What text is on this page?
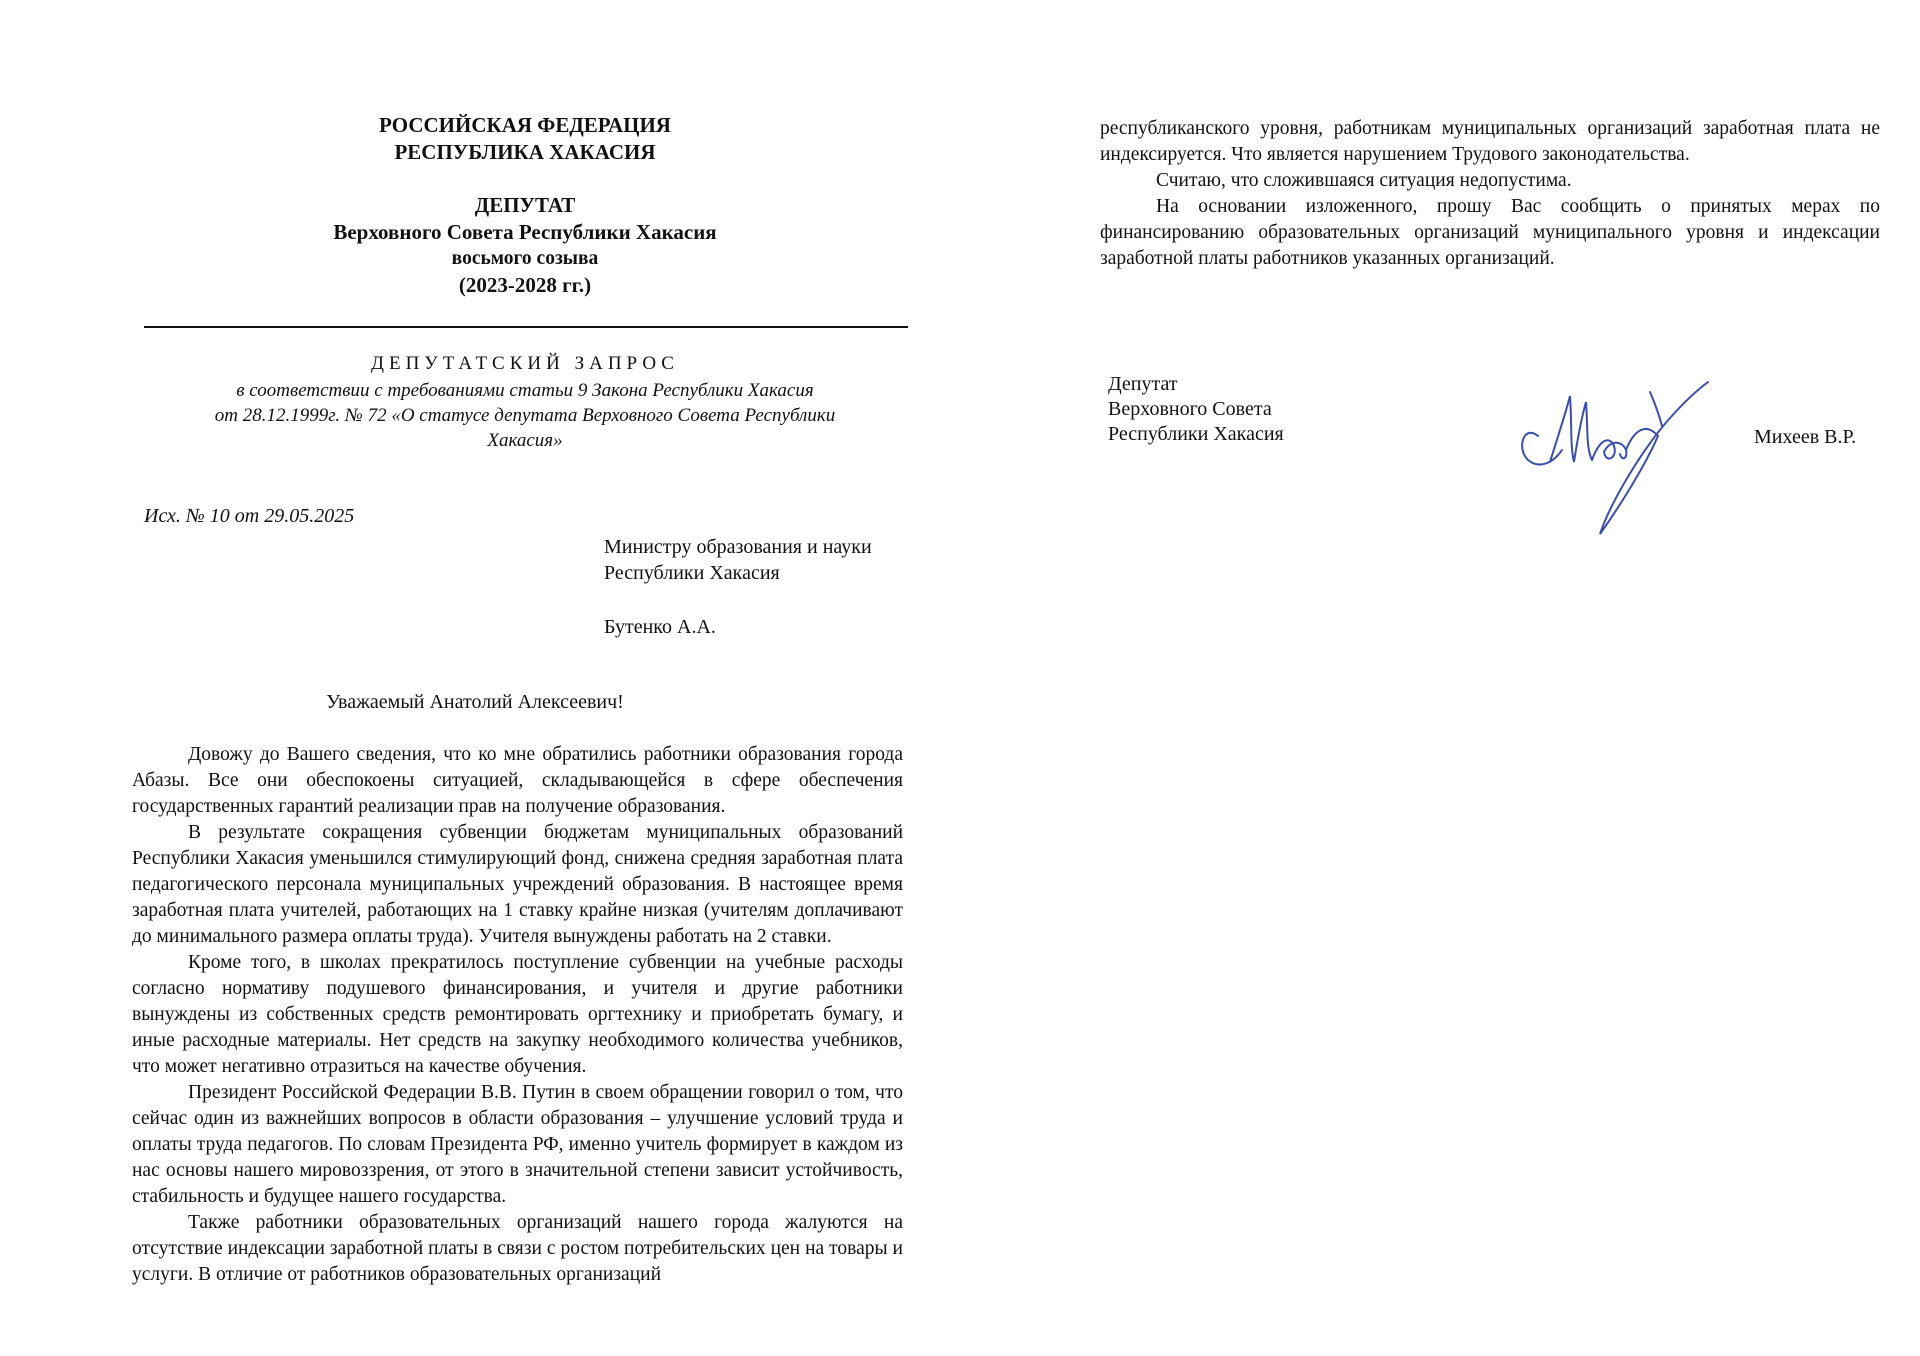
РОССИЙСКАЯ ФЕДЕРАЦИЯ
РЕСПУБЛИКА ХАКАСИЯ
ДЕПУТАТ
Верховного Совета Республики Хакасия
восьмого созыва
(2023-2028 гг.)
ДЕПУТАТСКИЙ ЗАПРОС
в соответствии с требованиями статьи 9 Закона Республики Хакасия
от 28.12.1999г. № 72 «О статусе депутата Верховного Совета Республики
Хакасия»
Исх. № 10 от 29.05.2025
Министру образования и науки
Республики Хакасия
Бутенко А.А.
Уважаемый Анатолий Алексеевич!

Довожу до Вашего сведения, что ко мне обратились работники образования города Абазы. Все они обеспокоены ситуацией, складывающейся в сфере обеспечения государственных гарантий реализации прав на получение образования.

В результате сокращения субвенции бюджетам муниципальных образований Республики Хакасия уменьшился стимулирующий фонд, снижена средняя заработная плата педагогического персонала муниципальных учреждений образования. В настоящее время заработная плата учителей, работающих на 1 ставку крайне низкая (учителям доплачивают до минимального размера оплаты труда). Учителя вынуждены работать на 2 ставки.

Кроме того, в школах прекратилось поступление субвенции на учебные расходы согласно нормативу подушевого финансирования, и учителя и другие работники вынуждены из собственных средств ремонтировать оргтехнику и приобретать бумагу, и иные расходные материалы. Нет средств на закупку необходимого количества учебников, что может негативно отразиться на качестве обучения.

Президент Российской Федерации В.В. Путин в своем обращении говорил о том, что сейчас один из важнейших вопросов в области образования – улучшение условий труда и оплаты труда педагогов. По словам Президента РФ, именно учитель формирует в каждом из нас основы нашего мировоззрения, от этого в значительной степени зависит устойчивость, стабильность и будущее нашего государства.

Также работники образовательных организаций нашего города жалуются на отсутствие индексации заработной платы в связи с ростом потребительских цен на товары и услуги. В отличие от работников образовательных организаций

республиканского уровня, работникам муниципальных организаций заработная плата не индексируется. Что является нарушением Трудового законодательства.

Считаю, что сложившаяся ситуация недопустима.

На основании изложенного, прошу Вас сообщить о принятых мерах по финансированию образовательных организаций муниципального уровня и индексации заработной платы работников указанных организаций.

Депутат
Верховного Совета
Республики Хакасия	Михеев В.Р.
